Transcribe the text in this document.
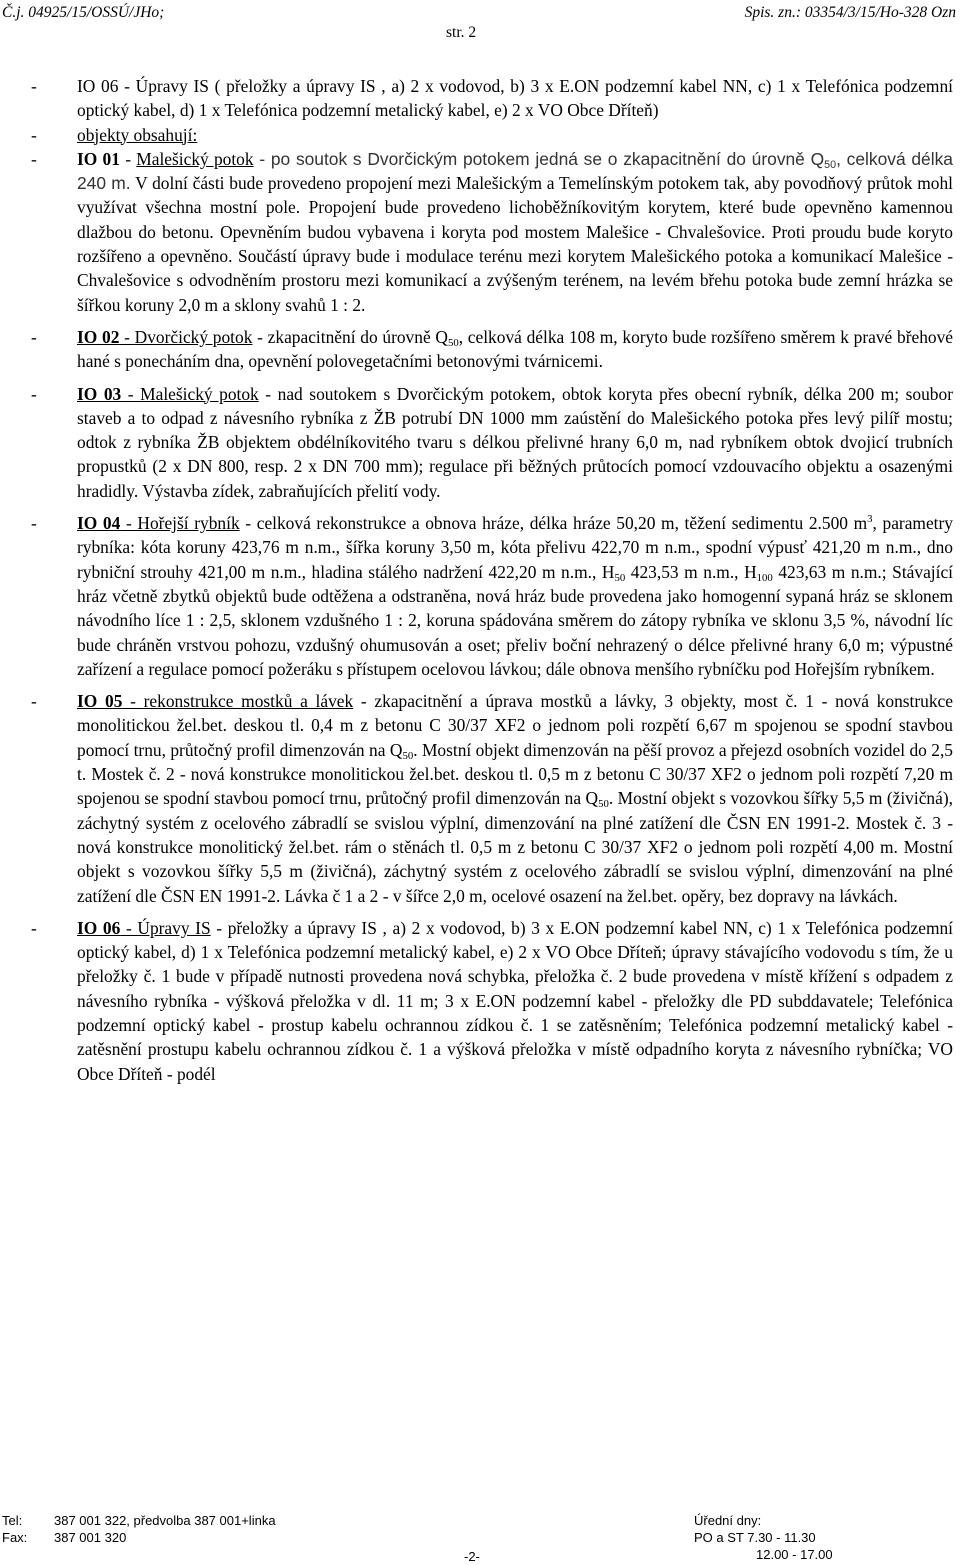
Č.j. 04925/15/OSSÚ/JHo;	Spis. zn.: 03354/3/15/Ho-328 Ozn
str. 2
-	IO 06 - Úpravy IS ( přeložky a úpravy IS , a) 2 x vodovod, b) 3 x E.ON podzemní kabel NN, c) 1 x Telefónica podzemní optický kabel, d) 1 x Telefónica podzemní metalický kabel, e) 2 x VO Obce Dříteň)
-	objekty obsahují:
-	IO 01 - Malešický potok - po soutok s Dvorčickým potokem jedná se o zkapacitnění do úrovně $Q_{50}$, celková délka 240 m. V dolní části bude provedeno propojení mezi Malešickým a Temelínským potokem tak, aby povodňový průtok mohl využívat všechna mostní pole. Propojení bude provedeno lichoběžníkovitým korytem, které bude opevněno kamennou dlažbou do betonu. Opevněním budou vybavena i koryta pod mostem Malešice - Chvalešovice. Proti proudu bude koryto rozšířeno a opevněno. Součástí úpravy bude i modulace terénu mezi korytem Malešického potoka a komunikací Malešice - Chvalešovice s odvodněním prostoru mezi komunikací a zvýšeným terénem, na levém břehu potoka bude zemní hrázka se šířkou koruny 2,0 m a sklony svahů 1 : 2.
-	IO 02 - Dvorčický potok - zkapacitnění do úrovně $Q_{50}$, celková délka 108 m, koryto bude rozšířeno směrem k pravé břehové hané s ponecháním dna, opevnění polovegetačními betonovými tvárnicemi.
-	IO 03 - Malešický potok - nad soutokem s Dvorčickým potokem, obtok koryta přes obecní rybník, délka 200 m; soubor staveb a to odpad z návesního rybníka z ŽB potrubí DN 1000 mm zaústění do Malešického potoka přes levý pilíř mostu; odtok z rybníka ŽB objektem obdélníkovitého tvaru s délkou přelivné hrany 6,0 m, nad rybníkem obtok dvojicí trubních propustků (2 x DN 800, resp. 2 x DN 700 mm); regulace při běžných průtocích pomocí vzdouvacího objektu a osazenými hradidly. Výstavba zídek, zabraňujících přelití vody.
-	IO 04 - Hořejší rybník - celková rekonstrukce a obnova hráze, délka hráze 50,20 m, těžení sedimentu 2.500 $m^3$, parametry rybníka: kóta koruny 423,76 m n.m., šířka koruny 3,50 m, kóta přelivu 422,70 m n.m., spodní výpusť 421,20 m n.m., dno rybniční strouhy 421,00 m n.m., hladina stálého nadržení 422,20 m n.m., $H_{50}$ 423,53 m n.m., $H_{100}$ 423,63 m n.m.; Stávající hráz včetně zbytků objektů bude odtěžena a odstraněna, nová hráz bude provedena jako homogenní sypaná hráz se sklonem návodního líce 1 : 2,5, sklonem vzdušného 1 : 2, koruna spádována směrem do zátopy rybníka ve sklonu 3,5 %, návodní líc bude chráněn vrstvou pohozu, vzdušný ohumusován a oset; přeliv boční nehrazený o délce přelivné hrany 6,0 m; výpustné zařízení a regulace pomocí požeráku s přístupem ocelovou lávkou; dále obnova menšího rybníčku pod Hořejším rybníkem.
-	IO 05 - rekonstrukce mostků a lávek - zkapacitnění a úprava mostků a lávky, 3 objekty, most č. 1 - nová konstrukce monolitickou žel.bet. deskou tl. 0,4 m z betonu C 30/37 XF2 o jednom poli rozpětí 6,67 m spojenou se spodní stavbou pomocí trnu, průtočný profil dimenzován na $Q_{50}$. Mostní objekt dimenzován na pěší provoz a přejezd osobních vozidel do 2,5 t. Mostek č. 2 - nová konstrukce monolitickou žel.bet. deskou tl. 0,5 m z betonu C 30/37 XF2 o jednom poli rozpětí 7,20 m spojenou se spodní stavbou pomocí trnu, průtočný profil dimenzován na $Q_{50}$. Mostní objekt s vozovkou šířky 5,5 m (živičná), záchytný systém z ocelového zábradlí se svislou výplní, dimenzování na plné zatížení dle ČSN EN 1991-2. Mostek č. 3 - nová konstrukce monolitický žel.bet. rám o stěnách tl. 0,5 m z betonu C 30/37 XF2 o jednom poli rozpětí 4,00 m. Mostní objekt s vozovkou šířky 5,5 m (živičná), záchytný systém z ocelového zábradlí se svislou výplní, dimenzování na plné zatížení dle ČSN EN 1991-2. Lávka č 1 a 2 - v šířce 2,0 m, ocelové osazení na žel.bet. opěry, bez dopravy na lávkách.
-	IO 06 - Úpravy IS - přeložky a úpravy IS , a) 2 x vodovod, b) 3 x E.ON podzemní kabel NN, c) 1 x Telefónica podzemní optický kabel, d) 1 x Telefónica podzemní metalický kabel, e) 2 x VO Obce Dříteň; úpravy stávajícího vodovodu s tím, že u přeložky č. 1 bude v případě nutnosti provedena nová schybka, přeložka č. 2 bude provedena v místě křížení s odpadem z návesního rybníka - výšková přeložka v dl. 11 m; 3 x E.ON podzemní kabel - přeložky dle PD subddavatele; Telefónica podzemní optický kabel - prostup kabelu ochrannou zídkou č. 1 se zatěsněním; Telefónica podzemní metalický kabel - zatěsnění prostupu kabelu ochrannou zídkou č. 1 a výšková přeložka v místě odpadního koryta z návesního rybníčka; VO Obce Dříteň - podél
Tel: 387 001 322, předvolba 387 001+linka
Fax: 387 001 320
Úřední dny:
PO a ST 7.30 - 11.30
12.00 - 17.00
-2-
